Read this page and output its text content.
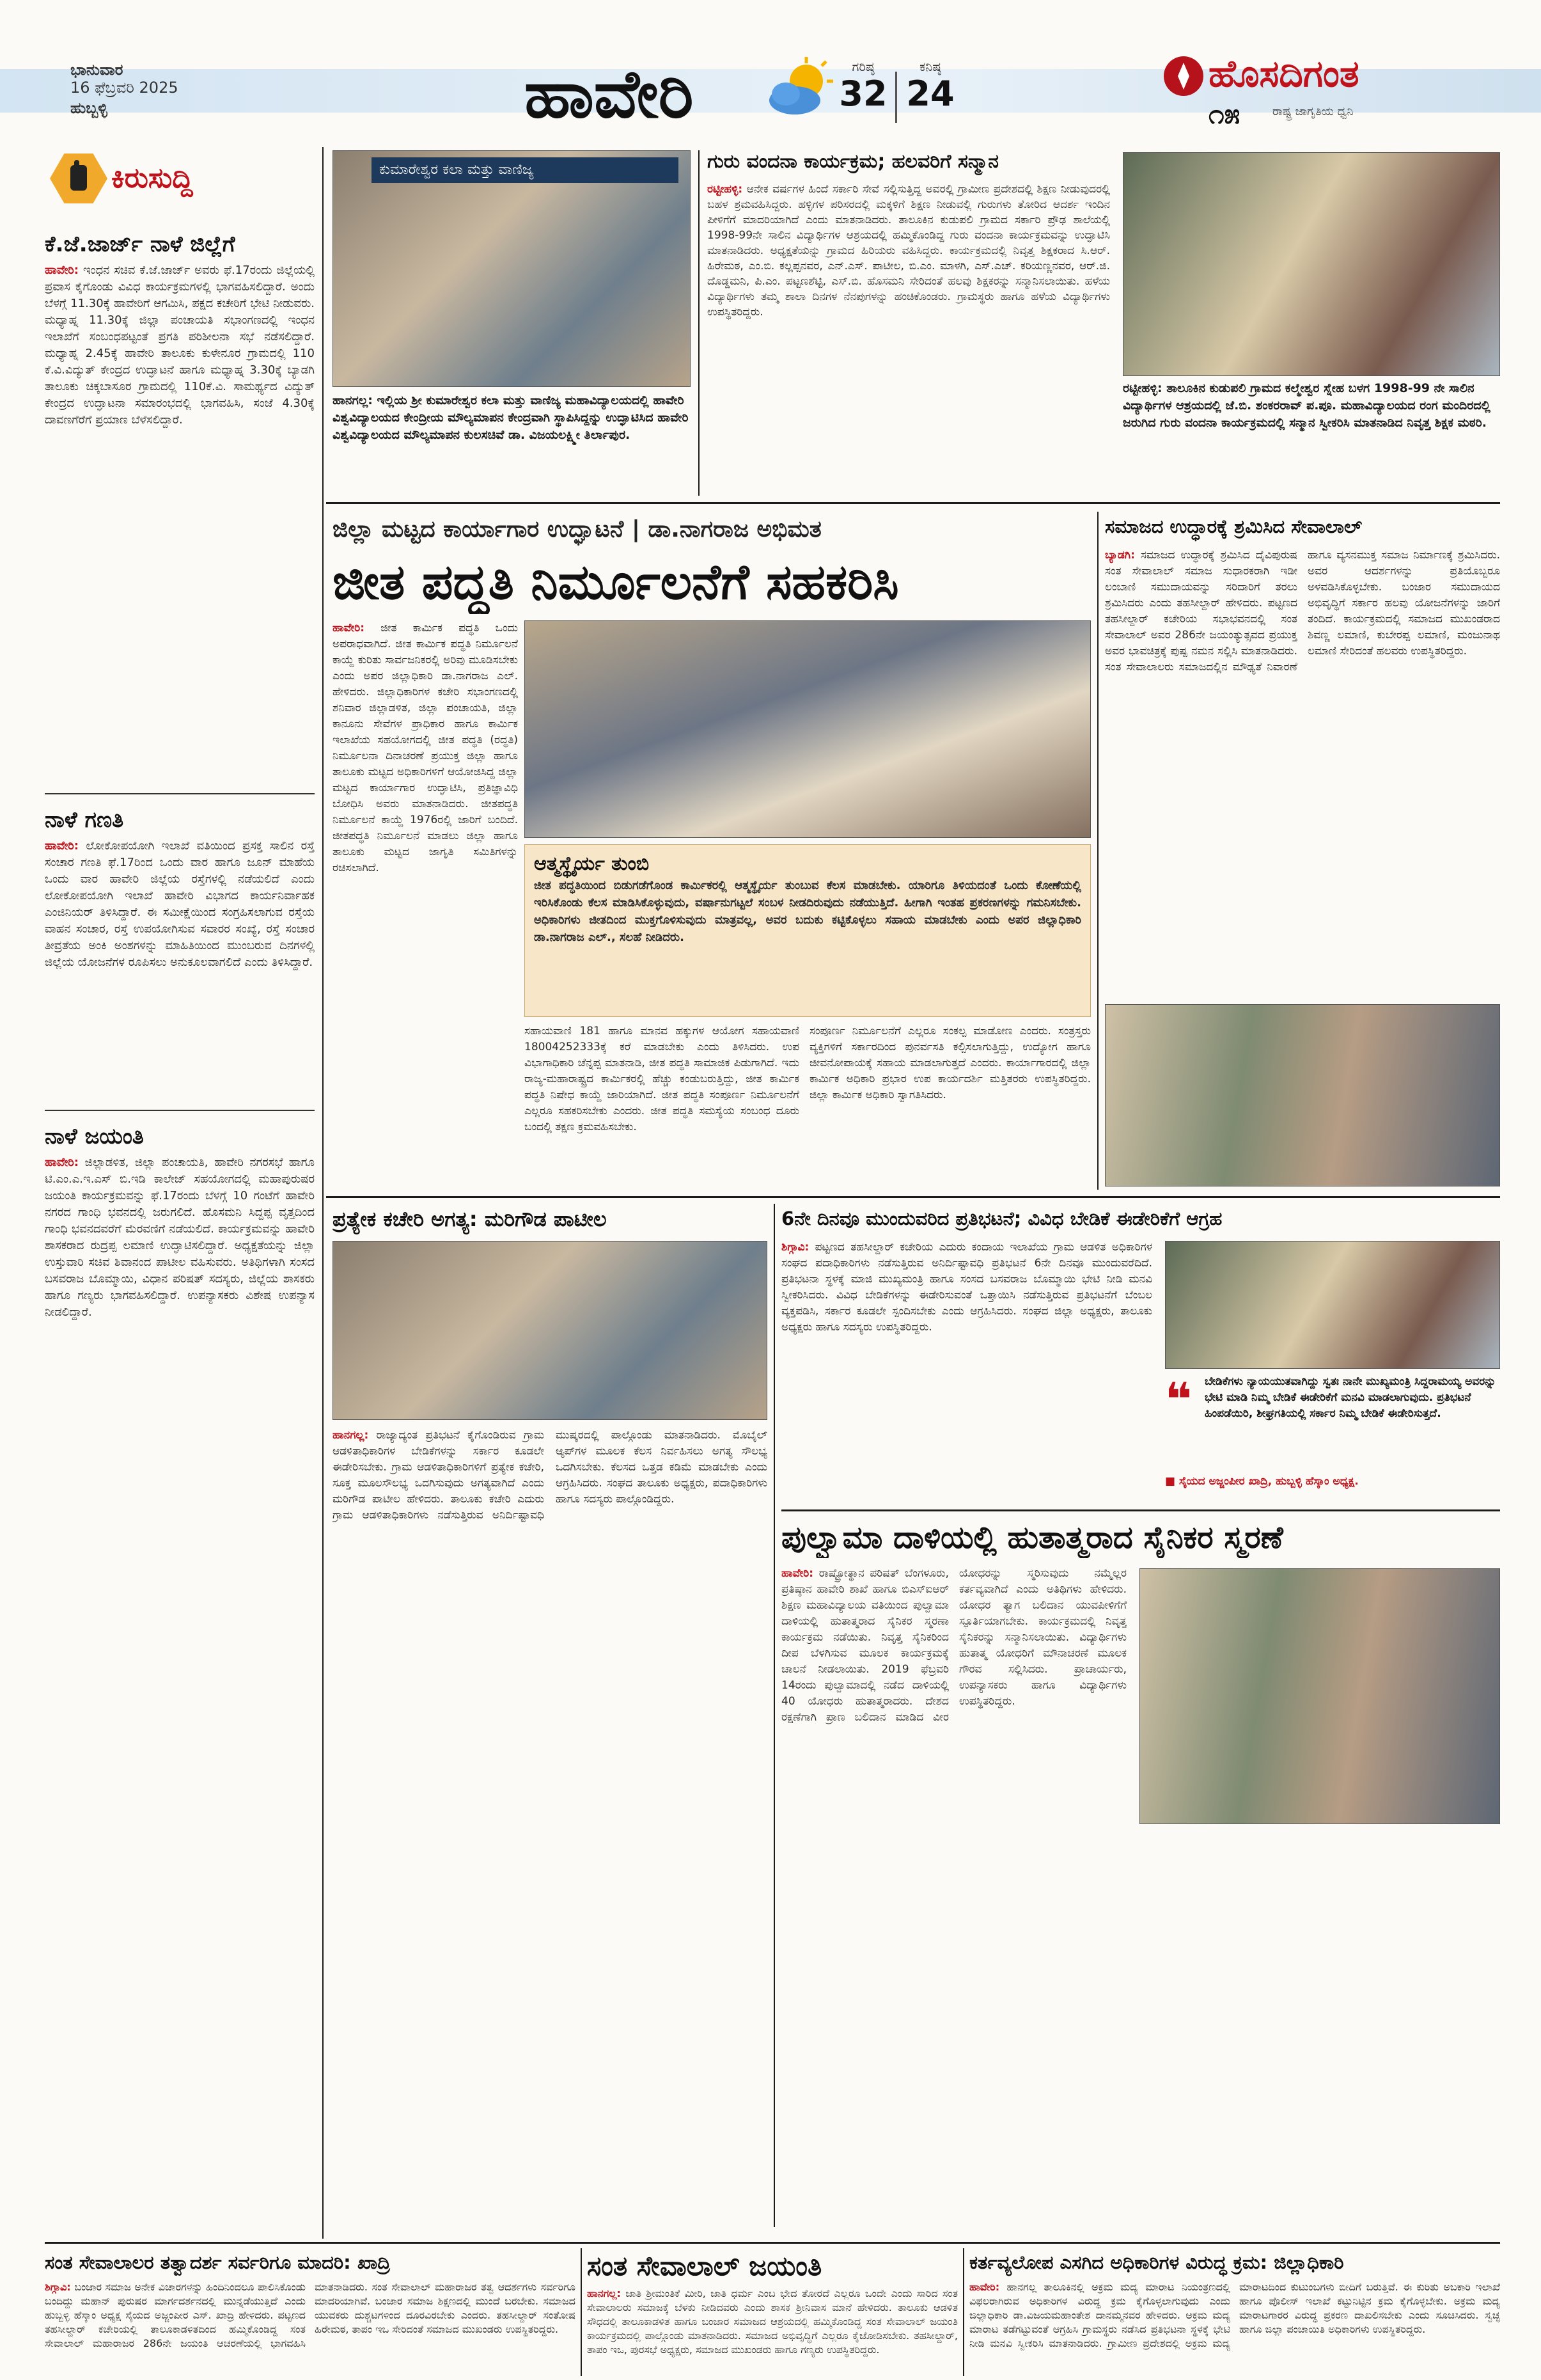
ಭಾನುವಾರ
16 ಫೆಬ್ರವರಿ 2025
ಹುಬ್ಬಳ್ಳಿ	ಹಾವೇರಿ	ಗರಿಷ್ಠ
32
ಕನಿಷ್ಠ
24	ಹೊಸದಿಗಂತ
೧೫	ರಾಷ್ಟ್ರ ಜಾಗೃತಿಯ ಧ್ವನಿ
ಕಿರುಸುದ್ದಿ
ಕೆ.ಜೆ.ಜಾರ್ಜ್ ನಾಳೆ ಜಿಲ್ಲೆಗೆ
ಹಾವೇರಿ: ಇಂಧನ ಸಚಿವ ಕೆ.ಜೆ.ಜಾರ್ಜ್ ಅವರು ಫೆ.17ರಂದು ಜಿಲ್ಲೆಯಲ್ಲಿ ಪ್ರವಾಸ ಕೈಗೊಂಡು ವಿವಿಧ ಕಾರ್ಯಕ್ರಮಗಳಲ್ಲಿ ಭಾಗವಹಿಸಲಿದ್ದಾರೆ. ಅಂದು ಬೆಳಗ್ಗೆ 11.30ಕ್ಕೆ ಹಾವೇರಿಗೆ ಆಗಮಿಸಿ, ಪಕ್ಷದ ಕಚೇರಿಗೆ ಭೇಟಿ ನೀಡುವರು. ಮಧ್ಯಾಹ್ನ 11.30ಕ್ಕೆ ಜಿಲ್ಲಾ ಪಂಚಾಯತಿ ಸಭಾಂಗಣದಲ್ಲಿ ಇಂಧನ ಇಲಾಖೆಗೆ ಸಂಬಂಧಪಟ್ಟಂತೆ ಪ್ರಗತಿ ಪರಿಶೀಲನಾ ಸಭೆ ನಡೆಸಲಿದ್ದಾರೆ. ಮಧ್ಯಾಹ್ನ 2.45ಕ್ಕೆ ಹಾವೇರಿ ತಾಲೂಕು ಕುಳೇನೂರ ಗ್ರಾಮದಲ್ಲಿ 110 ಕೆ.ವಿ.ವಿದ್ಯುತ್ ಕೇಂದ್ರದ ಉದ್ಘಾಟನೆ ಹಾಗೂ ಮಧ್ಯಾಹ್ನ 3.30ಕ್ಕೆ ಬ್ಯಾಡಗಿ ತಾಲೂಕು ಚಿಕ್ಕಬಾಸೂರ ಗ್ರಾಮದಲ್ಲಿ 110ಕೆ.ವಿ. ಸಾಮರ್ಥ್ಯದ ವಿದ್ಯುತ್ ಕೇಂದ್ರದ ಉದ್ಘಾಟನಾ ಸಮಾರಂಭದಲ್ಲಿ ಭಾಗವಹಿಸಿ, ಸಂಜೆ 4.30ಕ್ಕೆ ದಾವಣಗೆರೆಗೆ ಪ್ರಯಾಣ ಬೆಳೆಸಲಿದ್ದಾರೆ.
ನಾಳೆ ಗಣತಿ
ಹಾವೇರಿ: ಲೋಕೋಪಯೋಗಿ ಇಲಾಖೆ ವತಿಯಿಂದ ಪ್ರಸಕ್ತ ಸಾಲಿನ ರಸ್ತೆ ಸಂಚಾರ ಗಣತಿ ಫೆ.17ರಿಂದ ಒಂದು ವಾರ ಹಾಗೂ ಜೂನ್ ಮಾಹೆಯ ಒಂದು ವಾರ ಹಾವೇರಿ ಜಿಲ್ಲೆಯ ರಸ್ತೆಗಳಲ್ಲಿ ನಡೆಯಲಿದೆ ಎಂದು ಲೋಕೋಪಯೋಗಿ ಇಲಾಖೆ ಹಾವೇರಿ ವಿಭಾಗದ ಕಾರ್ಯನಿರ್ವಾಹಕ ಎಂಜಿನಿಯರ್ ತಿಳಿಸಿದ್ದಾರೆ. ಈ ಸಮೀಕ್ಷೆಯಿಂದ ಸಂಗ್ರಹಿಸಲಾಗುವ ರಸ್ತೆಯ ವಾಹನ ಸಂಚಾರ, ರಸ್ತೆ ಉಪಯೋಗಿಸುವ ಸವಾರರ ಸಂಖ್ಯೆ, ರಸ್ತೆ ಸಂಚಾರ ತೀವ್ರತೆಯ ಅಂಕಿ ಅಂಶಗಳನ್ನು ಮಾಹಿತಿಯಿಂದ ಮುಂಬರುವ ದಿನಗಳಲ್ಲಿ ಜಿಲ್ಲೆಯ ಯೋಜನೆಗಳ ರೂಪಿಸಲು ಅನುಕೂಲವಾಗಲಿದೆ ಎಂದು ತಿಳಿಸಿದ್ದಾರೆ.
ನಾಳೆ ಜಯಂತಿ
ಹಾವೇರಿ: ಜಿಲ್ಲಾಡಳಿತ, ಜಿಲ್ಲಾ ಪಂಚಾಯತಿ, ಹಾವೇರಿ ನಗರಸಭೆ ಹಾಗೂ ಟಿ.ಎಂ.ಎ.ಇ.ಎಸ್ ಬಿ.ಇಡಿ ಕಾಲೇಜ್ ಸಹಯೋಗದಲ್ಲಿ ಮಹಾಪುರುಷರ ಜಯಂತಿ ಕಾರ್ಯಕ್ರಮವನ್ನು ಫೆ.17ರಂದು ಬೆಳಗ್ಗೆ 10 ಗಂಟೆಗೆ ಹಾವೇರಿ ನಗರದ ಗಾಂಧಿ ಭವನದಲ್ಲಿ ಜರುಗಲಿದೆ. ಹೊಸಮನಿ ಸಿದ್ದಪ್ಪ ವೃತ್ತದಿಂದ ಗಾಂಧಿ ಭವನದವರೆಗೆ ಮೆರವಣಿಗೆ ನಡೆಯಲಿದೆ. ಕಾರ್ಯಕ್ರಮವನ್ನು ಹಾವೇರಿ ಶಾಸಕರಾದ ರುದ್ರಪ್ಪ ಲಮಾಣಿ ಉದ್ಘಾಟಿಸಲಿದ್ದಾರೆ. ಅಧ್ಯಕ್ಷತೆಯನ್ನು ಜಿಲ್ಲಾ ಉಸ್ತುವಾರಿ ಸಚಿವ ಶಿವಾನಂದ ಪಾಟೀಲ ವಹಿಸುವರು. ಅತಿಥಿಗಳಾಗಿ ಸಂಸದ ಬಸವರಾಜ ಬೊಮ್ಮಾಯಿ, ವಿಧಾನ ಪರಿಷತ್ ಸದಸ್ಯರು, ಜಿಲ್ಲೆಯ ಶಾಸಕರು ಹಾಗೂ ಗಣ್ಯರು ಭಾಗವಹಿಸಲಿದ್ದಾರೆ. ಉಪನ್ಯಾಸಕರು ವಿಶೇಷ ಉಪನ್ಯಾಸ ನೀಡಲಿದ್ದಾರೆ.
ಕುಮಾರೇಶ್ವರ ಕಲಾ ಮತ್ತು ವಾಣಿಜ್ಯ
ಹಾನಗಲ್ಲ: ಇಲ್ಲಿಯ ಶ್ರೀ ಕುಮಾರೇಶ್ವರ ಕಲಾ ಮತ್ತು ವಾಣಿಜ್ಯ ಮಹಾವಿದ್ಯಾಲಯದಲ್ಲಿ ಹಾವೇರಿ ವಿಶ್ವವಿದ್ಯಾಲಯದ ಕೇಂದ್ರೀಯ ಮೌಲ್ಯಮಾಪನ ಕೇಂದ್ರವಾಗಿ ಸ್ಥಾಪಿಸಿದ್ದನ್ನು ಉದ್ಘಾಟಿಸಿದ ಹಾವೇರಿ ವಿಶ್ವವಿದ್ಯಾಲಯದ ಮೌಲ್ಯಮಾಪನ ಕುಲಸಚಿವೆ ಡಾ. ವಿಜಯಲಕ್ಷ್ಮೀ ತಿರ್ಲಾಪುರ.
ಗುರು ವಂದನಾ ಕಾರ್ಯಕ್ರಮ; ಹಲವರಿಗೆ ಸನ್ಮಾನ
ರಟ್ಟೀಹಳ್ಳಿ: ಆನೇಕ ವರ್ಷಗಳ ಹಿಂದೆ ಸರ್ಕಾರಿ ಸೇವೆ ಸಲ್ಲಿಸುತ್ತಿದ್ದ ಅವರಲ್ಲಿ ಗ್ರಾಮೀಣ ಪ್ರದೇಶದಲ್ಲಿ ಶಿಕ್ಷಣ ನೀಡುವುದರಲ್ಲಿ ಬಹಳ ಶ್ರಮವಹಿಸಿದ್ದರು. ಹಳ್ಳಿಗಳ ಪರಿಸರದಲ್ಲಿ ಮಕ್ಕಳಿಗೆ ಶಿಕ್ಷಣ ನೀಡುವಲ್ಲಿ ಗುರುಗಳು ತೋರಿದ ಆದರ್ಶ ಇಂದಿನ ಪೀಳಿಗೆಗೆ ಮಾದರಿಯಾಗಿದೆ ಎಂದು ಮಾತನಾಡಿದರು. ತಾಲೂಕಿನ ಕುಡುಪಲಿ ಗ್ರಾಮದ ಸರ್ಕಾರಿ ಪ್ರೌಢ ಶಾಲೆಯಲ್ಲಿ 1998-99ನೇ ಸಾಲಿನ ವಿದ್ಯಾರ್ಥಿಗಳ ಆಶ್ರಯದಲ್ಲಿ ಹಮ್ಮಿಕೊಂಡಿದ್ದ ಗುರು ವಂದನಾ ಕಾರ್ಯಕ್ರಮವನ್ನು ಉದ್ಘಾಟಿಸಿ ಮಾತನಾಡಿದರು. ಅಧ್ಯಕ್ಷತೆಯನ್ನು ಗ್ರಾಮದ ಹಿರಿಯರು ವಹಿಸಿದ್ದರು. ಕಾರ್ಯಕ್ರಮದಲ್ಲಿ ನಿವೃತ್ತ ಶಿಕ್ಷಕರಾದ ಸಿ.ಆರ್. ಹಿರೇಮಠ, ಎಂ.ಬಿ. ಕಲ್ಲಪ್ಪನವರ, ಎನ್.ಎಸ್. ಪಾಟೀಲ, ಬಿ.ಎಂ. ಮಾಳಗಿ, ಎಸ್.ಎಚ್. ಕರಿಯಣ್ಣನವರ, ಆರ್.ಜಿ. ದೊಡ್ಡಮನಿ, ಪಿ.ಎಂ. ಪಟ್ಟಣಶೆಟ್ಟಿ, ಎಸ್.ಬಿ. ಹೊಸಮನಿ ಸೇರಿದಂತೆ ಹಲವು ಶಿಕ್ಷಕರನ್ನು ಸನ್ಮಾನಿಸಲಾಯಿತು. ಹಳೆಯ ವಿದ್ಯಾರ್ಥಿಗಳು ತಮ್ಮ ಶಾಲಾ ದಿನಗಳ ನೆನಪುಗಳನ್ನು ಹಂಚಿಕೊಂಡರು. ಗ್ರಾಮಸ್ಥರು ಹಾಗೂ ಹಳೆಯ ವಿದ್ಯಾರ್ಥಿಗಳು ಉಪಸ್ಥಿತರಿದ್ದರು.
ರಟ್ಟೀಹಳ್ಳಿ: ತಾಲೂಕಿನ ಕುಡುಪಲಿ ಗ್ರಾಮದ ಕಲ್ಮೇಶ್ವರ ಸ್ನೇಹ ಬಳಗ 1998-99 ನೇ ಸಾಲಿನ ವಿದ್ಯಾರ್ಥಿಗಳ ಆಶ್ರಯದಲ್ಲಿ ಜೆ.ಬಿ. ಶಂಕರರಾವ್ ಪ.ಪೂ. ಮಹಾವಿದ್ಯಾಲಯದ ರಂಗ ಮಂದಿರದಲ್ಲಿ ಜರುಗಿದ ಗುರು ವಂದನಾ ಕಾರ್ಯಕ್ರಮದಲ್ಲಿ ಸನ್ಮಾನ ಸ್ವೀಕರಿಸಿ ಮಾತನಾಡಿದ ನಿವೃತ್ತ ಶಿಕ್ಷಕ ಮಠರಿ.
ಜಿಲ್ಲಾ ಮಟ್ಟದ ಕಾರ್ಯಾಗಾರ ಉದ್ಘಾಟನೆ | ಡಾ.ನಾಗರಾಜ ಅಭಿಮತ
ಜೀತ ಪದ್ಧತಿ ನಿರ್ಮೂಲನೆಗೆ ಸಹಕರಿಸಿ
ಹಾವೇರಿ: ಜೀತ ಕಾರ್ಮಿಕ ಪದ್ಧತಿ ಒಂದು ಅಪರಾಧವಾಗಿದೆ. ಜೀತ ಕಾರ್ಮಿಕ ಪದ್ಧತಿ ನಿರ್ಮೂಲನೆ ಕಾಯ್ದೆ ಕುರಿತು ಸಾರ್ವಜನಿಕರಲ್ಲಿ ಅರಿವು ಮೂಡಿಸಬೇಕು ಎಂದು ಅಪರ ಜಿಲ್ಲಾಧಿಕಾರಿ ಡಾ.ನಾಗರಾಜ ಎಲ್. ಹೇಳಿದರು. ಜಿಲ್ಲಾಧಿಕಾರಿಗಳ ಕಚೇರಿ ಸಭಾಂಗಣದಲ್ಲಿ ಶನಿವಾರ ಜಿಲ್ಲಾಡಳಿತ, ಜಿಲ್ಲಾ ಪಂಚಾಯತಿ, ಜಿಲ್ಲಾ ಕಾನೂನು ಸೇವೆಗಳ ಪ್ರಾಧಿಕಾರ ಹಾಗೂ ಕಾರ್ಮಿಕ ಇಲಾಖೆಯ ಸಹಯೋಗದಲ್ಲಿ ಜೀತ ಪದ್ಧತಿ (ರದ್ಧತಿ) ನಿರ್ಮೂಲನಾ ದಿನಾಚರಣೆ ಪ್ರಯುಕ್ತ ಜಿಲ್ಲಾ ಹಾಗೂ ತಾಲೂಕು ಮಟ್ಟದ ಅಧಿಕಾರಿಗಳಿಗೆ ಆಯೋಜಿಸಿದ್ದ ಜಿಲ್ಲಾ ಮಟ್ಟದ ಕಾರ್ಯಾಗಾರ ಉದ್ಘಾಟಿಸಿ, ಪ್ರತಿಜ್ಞಾವಿಧಿ ಬೋಧಿಸಿ ಅವರು ಮಾತನಾಡಿದರು. ಜೀತಪದ್ಧತಿ ನಿರ್ಮೂಲನೆ ಕಾಯ್ದೆ 1976ರಲ್ಲಿ ಜಾರಿಗೆ ಬಂದಿದೆ. ಜೀತಪದ್ಧತಿ ನಿರ್ಮೂಲನೆ ಮಾಡಲು ಜಿಲ್ಲಾ ಹಾಗೂ ತಾಲೂಕು ಮಟ್ಟದ ಜಾಗೃತಿ ಸಮಿತಿಗಳನ್ನು ರಚಿಸಲಾಗಿದೆ.	ಆತ್ಮಸ್ಥೈರ್ಯ ತುಂಬಿ
ಜೀತ ಪದ್ಧತಿಯಿಂದ ಬಿಡುಗಡೆಗೊಂಡ ಕಾರ್ಮಿಕರಲ್ಲಿ ಆತ್ಮಸ್ಥೈರ್ಯ ತುಂಬುವ ಕೆಲಸ ಮಾಡಬೇಕು. ಯಾರಿಗೂ ತಿಳಿಯದಂತೆ ಒಂದು ಕೋಣೆಯಲ್ಲಿ ಇರಿಸಿಕೊಂಡು ಕೆಲಸ ಮಾಡಿಸಿಕೊಳ್ಳುವುದು, ವರ್ಷಾನುಗಟ್ಟಲೆ ಸಂಬಳ ನೀಡದಿರುವುದು ನಡೆಯುತ್ತಿದೆ. ಹೀಗಾಗಿ ಇಂತಹ ಪ್ರಕರಣಗಳನ್ನು ಗಮನಿಸಬೇಕು. ಅಧಿಕಾರಿಗಳು ಜೀತದಿಂದ ಮುಕ್ತಗೊಳಿಸುವುದು ಮಾತ್ರವಲ್ಲ, ಅವರ ಬದುಕು ಕಟ್ಟಿಕೊಳ್ಳಲು ಸಹಾಯ ಮಾಡಬೇಕು ಎಂದು ಅಪರ ಜಿಲ್ಲಾಧಿಕಾರಿ ಡಾ.ನಾಗರಾಜ ಎಲ್., ಸಲಹೆ ನೀಡಿದರು.
ಸಹಾಯವಾಣಿ 181 ಹಾಗೂ ಮಾನವ ಹಕ್ಕುಗಳ ಆಯೋಗ ಸಹಾಯವಾಣಿ 18004252333ಕ್ಕೆ ಕರೆ ಮಾಡಬೇಕು ಎಂದು ತಿಳಿಸಿದರು. ಉಪ ವಿಭಾಗಾಧಿಕಾರಿ ಚೆನ್ನಪ್ಪ ಮಾತನಾಡಿ, ಜೀತ ಪದ್ಧತಿ ಸಾಮಾಜಿಕ ಪಿಡುಗಾಗಿದೆ. ಇದು ರಾಜ್ಯ-ಮಹಾರಾಷ್ಟ್ರದ ಕಾರ್ಮಿಕರಲ್ಲಿ ಹೆಚ್ಚು ಕಂಡುಬರುತ್ತಿದ್ದು, ಜೀತ ಕಾರ್ಮಿಕ ಪದ್ಧತಿ ನಿಷೇಧ ಕಾಯ್ದೆ ಜಾರಿಯಾಗಿದೆ. ಜೀತ ಪದ್ಧತಿ ಸಂಪೂರ್ಣ ನಿರ್ಮೂಲನೆಗೆ ಎಲ್ಲರೂ ಸಹಕರಿಸಬೇಕು ಎಂದರು. ಜೀತ ಪದ್ಧತಿ ಸಮಸ್ಯೆಯ ಸಂಬಂಧ ದೂರು ಬಂದಲ್ಲಿ ತಕ್ಷಣ ಕ್ರಮವಹಿಸಬೇಕು.
ಸಂಪೂರ್ಣ ನಿರ್ಮೂಲನೆಗೆ ಎಲ್ಲರೂ ಸಂಕಲ್ಪ ಮಾಡೋಣ ಎಂದರು. ಸಂತ್ರಸ್ತರು ವ್ಯಕ್ತಿಗಳಿಗೆ ಸರ್ಕಾರದಿಂದ ಪುನರ್ವಸತಿ ಕಲ್ಪಿಸಲಾಗುತ್ತಿದ್ದು, ಉದ್ಯೋಗ ಹಾಗೂ ಜೀವನೋಪಾಯಕ್ಕೆ ಸಹಾಯ ಮಾಡಲಾಗುತ್ತದೆ ಎಂದರು. ಕಾರ್ಯಾಗಾರದಲ್ಲಿ ಜಿಲ್ಲಾ ಕಾರ್ಮಿಕ ಅಧಿಕಾರಿ ಪ್ರಭಾರ ಉಪ ಕಾರ್ಯದರ್ಶಿ ಮತ್ತಿತರರು ಉಪಸ್ಥಿತರಿದ್ದರು. ಜಿಲ್ಲಾ ಕಾರ್ಮಿಕ ಅಧಿಕಾರಿ ಸ್ವಾಗತಿಸಿದರು.
ಸಮಾಜದ ಉದ್ಧಾರಕ್ಕೆ ಶ್ರಮಿಸಿದ ಸೇವಾಲಾಲ್
ಬ್ಯಾಡಗಿ: ಸಮಾಜದ ಉದ್ಧಾರಕ್ಕೆ ಶ್ರಮಿಸಿದ ದೈವಿಪುರುಷ ಸಂತ ಸೇವಾಲಾಲ್ ಸಮಾಜ ಸುಧಾರಕರಾಗಿ ಇಡೀ ಲಂಬಾಣಿ ಸಮುದಾಯವನ್ನು ಸರಿದಾರಿಗೆ ತರಲು ಶ್ರಮಿಸಿದರು ಎಂದು ತಹಸೀಲ್ದಾರ್ ಹೇಳಿದರು. ಪಟ್ಟಣದ ತಹಸೀಲ್ದಾರ್ ಕಚೇರಿಯ ಸಭಾಭವನದಲ್ಲಿ ಸಂತ ಸೇವಾಲಾಲ್ ಅವರ 286ನೇ ಜಯಂತ್ಯುತ್ಸವದ ಪ್ರಯುಕ್ತ ಅವರ ಭಾವಚಿತ್ರಕ್ಕೆ ಪುಷ್ಪ ನಮನ ಸಲ್ಲಿಸಿ ಮಾತನಾಡಿದರು. ಸಂತ ಸೇವಾಲಾಲರು ಸಮಾಜದಲ್ಲಿನ ಮೌಢ್ಯತೆ ನಿವಾರಣೆ ಹಾಗೂ ವ್ಯಸನಮುಕ್ತ ಸಮಾಜ ನಿರ್ಮಾಣಕ್ಕೆ ಶ್ರಮಿಸಿದರು. ಅವರ ಆದರ್ಶಗಳನ್ನು ಪ್ರತಿಯೊಬ್ಬರೂ ಅಳವಡಿಸಿಕೊಳ್ಳಬೇಕು. ಬಂಜಾರ ಸಮುದಾಯದ ಅಭಿವೃದ್ಧಿಗೆ ಸರ್ಕಾರ ಹಲವು ಯೋಜನೆಗಳನ್ನು ಜಾರಿಗೆ ತಂದಿದೆ. ಕಾರ್ಯಕ್ರಮದಲ್ಲಿ ಸಮಾಜದ ಮುಖಂಡರಾದ ಶಿವಣ್ಣ ಲಮಾಣಿ, ಕುಬೇರಪ್ಪ ಲಮಾಣಿ, ಮಂಜುನಾಥ ಲಮಾಣಿ ಸೇರಿದಂತೆ ಹಲವರು ಉಪಸ್ಥಿತರಿದ್ದರು.
ಪ್ರತ್ಯೇಕ ಕಚೇರಿ ಅಗತ್ಯ: ಮರಿಗೌಡ ಪಾಟೀಲ
ಹಾನಗಲ್ಲ: ರಾಜ್ಯಾದ್ಯಂತ ಪ್ರತಿಭಟನೆ ಕೈಗೊಂಡಿರುವ ಗ್ರಾಮ ಆಡಳಿತಾಧಿಕಾರಿಗಳ ಬೇಡಿಕೆಗಳನ್ನು ಸರ್ಕಾರ ಕೂಡಲೇ ಈಡೇರಿಸಬೇಕು. ಗ್ರಾಮ ಆಡಳಿತಾಧಿಕಾರಿಗಳಿಗೆ ಪ್ರತ್ಯೇಕ ಕಚೇರಿ, ಸೂಕ್ತ ಮೂಲಸೌಲಭ್ಯ ಒದಗಿಸುವುದು ಅಗತ್ಯವಾಗಿದೆ ಎಂದು ಮರಿಗೌಡ ಪಾಟೀಲ ಹೇಳಿದರು. ತಾಲೂಕು ಕಚೇರಿ ಎದುರು ಗ್ರಾಮ ಆಡಳಿತಾಧಿಕಾರಿಗಳು ನಡೆಸುತ್ತಿರುವ ಅನಿರ್ದಿಷ್ಟಾವಧಿ ಮುಷ್ಕರದಲ್ಲಿ ಪಾಲ್ಗೊಂಡು ಮಾತನಾಡಿದರು. ಮೊಬೈಲ್ ಆ್ಯಪ್‌ಗಳ ಮೂಲಕ ಕೆಲಸ ನಿರ್ವಹಿಸಲು ಅಗತ್ಯ ಸೌಲಭ್ಯ ಒದಗಿಸಬೇಕು. ಕೆಲಸದ ಒತ್ತಡ ಕಡಿಮೆ ಮಾಡಬೇಕು ಎಂದು ಆಗ್ರಹಿಸಿದರು. ಸಂಘದ ತಾಲೂಕು ಅಧ್ಯಕ್ಷರು, ಪದಾಧಿಕಾರಿಗಳು ಹಾಗೂ ಸದಸ್ಯರು ಪಾಲ್ಗೊಂಡಿದ್ದರು.
6ನೇ ದಿನವೂ ಮುಂದುವರಿದ ಪ್ರತಿಭಟನೆ; ವಿವಿಧ ಬೇಡಿಕೆ ಈಡೇರಿಕೆಗೆ ಆಗ್ರಹ
ಶಿಗ್ಗಾವಿ: ಪಟ್ಟಣದ ತಹಸೀಲ್ದಾರ್ ಕಚೇರಿಯ ಎದುರು ಕಂದಾಯ ಇಲಾಖೆಯ ಗ್ರಾಮ ಆಡಳಿತ ಅಧಿಕಾರಿಗಳ ಸಂಘದ ಪದಾಧಿಕಾರಿಗಳು ನಡೆಸುತ್ತಿರುವ ಅನಿರ್ದಿಷ್ಟಾವಧಿ ಪ್ರತಿಭಟನೆ 6ನೇ ದಿನವೂ ಮುಂದುವರೆದಿದೆ. ಪ್ರತಿಭಟನಾ ಸ್ಥಳಕ್ಕೆ ಮಾಜಿ ಮುಖ್ಯಮಂತ್ರಿ ಹಾಗೂ ಸಂಸದ ಬಸವರಾಜ ಬೊಮ್ಮಾಯಿ ಭೇಟಿ ನೀಡಿ ಮನವಿ ಸ್ವೀಕರಿಸಿದರು. ವಿವಿಧ ಬೇಡಿಕೆಗಳನ್ನು ಈಡೇರಿಸುವಂತೆ ಒತ್ತಾಯಿಸಿ ನಡೆಸುತ್ತಿರುವ ಪ್ರತಿಭಟನೆಗೆ ಬೆಂಬಲ ವ್ಯಕ್ತಪಡಿಸಿ, ಸರ್ಕಾರ ಕೂಡಲೇ ಸ್ಪಂದಿಸಬೇಕು ಎಂದು ಆಗ್ರಹಿಸಿದರು. ಸಂಘದ ಜಿಲ್ಲಾ ಅಧ್ಯಕ್ಷರು, ತಾಲೂಕು ಅಧ್ಯಕ್ಷರು ಹಾಗೂ ಸದಸ್ಯರು ಉಪಸ್ಥಿತರಿದ್ದರು.
❝	ಬೇಡಿಕೆಗಳು ನ್ಯಾಯಯುತವಾಗಿದ್ದು ಸ್ವತಃ ನಾನೇ ಮುಖ್ಯಮಂತ್ರಿ ಸಿದ್ದರಾಮಯ್ಯ ಅವರನ್ನು ಭೇಟಿ ಮಾಡಿ ನಿಮ್ಮ ಬೇಡಿಕೆ ಈಡೇರಿಕೆಗೆ ಮನವಿ ಮಾಡಲಾಗುವುದು. ಪ್ರತಿಭಟನೆ ಹಿಂಪಡೆಯಿರಿ, ಶೀಘ್ರಗತಿಯಲ್ಲಿ ಸರ್ಕಾರ ನಿಮ್ಮ ಬೇಡಿಕೆ ಈಡೇರಿಸುತ್ತದೆ.
■ ಸೈಯದ ಅಜ್ಜಂಪೀರ ಖಾದ್ರಿ, ಹುಬ್ಬಳ್ಳಿ ಹೆಸ್ಕಾಂ ಅಧ್ಯಕ್ಷ.
ಪುಲ್ವಾಮಾ ದಾಳಿಯಲ್ಲಿ ಹುತಾತ್ಮರಾದ ಸೈನಿಕರ ಸ್ಮರಣೆ
ಹಾವೇರಿ: ರಾಷ್ಟ್ರೋತ್ಥಾನ ಪರಿಷತ್ ಬೆಂಗಳೂರು, ಪ್ರತಿಷ್ಠಾನ ಹಾವೇರಿ ಶಾಖೆ ಹಾಗೂ ಬಿಎಸ್ಐಆರ್ ಶಿಕ್ಷಣ ಮಹಾವಿದ್ಯಾಲಯ ವತಿಯಿಂದ ಪುಲ್ವಾಮಾ ದಾಳಿಯಲ್ಲಿ ಹುತಾತ್ಮರಾದ ಸೈನಿಕರ ಸ್ಮರಣಾ ಕಾರ್ಯಕ್ರಮ ನಡೆಯಿತು. ನಿವೃತ್ತ ಸೈನಿಕರಿಂದ ದೀಪ ಬೆಳಗಿಸುವ ಮೂಲಕ ಕಾರ್ಯಕ್ರಮಕ್ಕೆ ಚಾಲನೆ ನೀಡಲಾಯಿತು. 2019 ಫೆಬ್ರವರಿ 14ರಂದು ಪುಲ್ವಾಮಾದಲ್ಲಿ ನಡೆದ ದಾಳಿಯಲ್ಲಿ 40 ಯೋಧರು ಹುತಾತ್ಮರಾದರು. ದೇಶದ ರಕ್ಷಣೆಗಾಗಿ ಪ್ರಾಣ ಬಲಿದಾನ ಮಾಡಿದ ವೀರ ಯೋಧರನ್ನು ಸ್ಮರಿಸುವುದು ನಮ್ಮೆಲ್ಲರ ಕರ್ತವ್ಯವಾಗಿದೆ ಎಂದು ಅತಿಥಿಗಳು ಹೇಳಿದರು. ಯೋಧರ ತ್ಯಾಗ ಬಲಿದಾನ ಯುವಪೀಳಿಗೆಗೆ ಸ್ಫೂರ್ತಿಯಾಗಬೇಕು. ಕಾರ್ಯಕ್ರಮದಲ್ಲಿ ನಿವೃತ್ತ ಸೈನಿಕರನ್ನು ಸನ್ಮಾನಿಸಲಾಯಿತು. ವಿದ್ಯಾರ್ಥಿಗಳು ಹುತಾತ್ಮ ಯೋಧರಿಗೆ ಮೌನಾಚರಣೆ ಮೂಲಕ ಗೌರವ ಸಲ್ಲಿಸಿದರು. ಪ್ರಾಚಾರ್ಯರು, ಉಪನ್ಯಾಸಕರು ಹಾಗೂ ವಿದ್ಯಾರ್ಥಿಗಳು ಉಪಸ್ಥಿತರಿದ್ದರು.
ಸಂತ ಸೇವಾಲಾಲರ ತತ್ವಾದರ್ಶ ಸರ್ವರಿಗೂ ಮಾದರಿ: ಖಾದ್ರಿ
ಶಿಗ್ಗಾವಿ: ಬಂಜಾರ ಸಮಾಜ ಅನೇಕ ವಿಚಾರಗಳನ್ನು ಹಿಂದಿನಿಂದಲೂ ಪಾಲಿಸಿಕೊಂಡು ಬಂದಿದ್ದು ಮಹಾನ್ ಪುರುಷರ ಮಾರ್ಗದರ್ಶನದಲ್ಲಿ ಮುನ್ನಡೆಯುತ್ತಿದೆ ಎಂದು ಹುಬ್ಬಳ್ಳಿ ಹೆಸ್ಕಾಂ ಅಧ್ಯಕ್ಷ ಸೈಯದ ಅಜ್ಜಂಪೀರ ಎಸ್. ಖಾದ್ರಿ ಹೇಳಿದರು. ಪಟ್ಟಣದ ತಹಸೀಲ್ದಾರ್ ಕಚೇರಿಯಲ್ಲಿ ತಾಲೂಕಾಡಳಿತದಿಂದ ಹಮ್ಮಿಕೊಂಡಿದ್ದ ಸಂತ ಸೇವಾಲಾಲ್ ಮಹಾರಾಜರ 286ನೇ ಜಯಂತಿ ಆಚರಣೆಯಲ್ಲಿ ಭಾಗವಹಿಸಿ ಮಾತನಾಡಿದರು. ಸಂತ ಸೇವಾಲಾಲ್ ಮಹಾರಾಜರ ತತ್ವ ಆದರ್ಶಗಳು ಸರ್ವರಿಗೂ ಮಾದರಿಯಾಗಿವೆ. ಬಂಜಾರ ಸಮಾಜ ಶಿಕ್ಷಣದಲ್ಲಿ ಮುಂದೆ ಬರಬೇಕು. ಸಮಾಜದ ಯುವಕರು ದುಶ್ಚಟಗಳಿಂದ ದೂರವಿರಬೇಕು ಎಂದರು. ತಹಸೀಲ್ದಾರ್ ಸಂತೋಷ ಹಿರೇಮಠ, ತಾಪಂ ಇಒ ಸೇರಿದಂತೆ ಸಮಾಜದ ಮುಖಂಡರು ಉಪಸ್ಥಿತರಿದ್ದರು.
ಸಂತ ಸೇವಾಲಾಲ್ ಜಯಂತಿ
ಹಾನಗಲ್ಲ: ಜಾತಿ ಶ್ರೀಮಂತಿಕೆ ಮೀರಿ, ಜಾತಿ ಧರ್ಮ ಎಂಬ ಭೇದ ತೋರದೆ ಎಲ್ಲರೂ ಒಂದೇ ಎಂದು ಸಾರಿದ ಸಂತ ಸೇವಾಲಾಲರು ಸಮಾಜಕ್ಕೆ ಬೆಳಕು ನೀಡಿದವರು ಎಂದು ಶಾಸಕ ಶ್ರೀನಿವಾಸ ಮಾನೆ ಹೇಳಿದರು. ತಾಲೂಕು ಆಡಳಿತ ಸೌಧದಲ್ಲಿ ತಾಲೂಕಾಡಳಿತ ಹಾಗೂ ಬಂಜಾರ ಸಮಾಜದ ಆಶ್ರಯದಲ್ಲಿ ಹಮ್ಮಿಕೊಂಡಿದ್ದ ಸಂತ ಸೇವಾಲಾಲ್ ಜಯಂತಿ ಕಾರ್ಯಕ್ರಮದಲ್ಲಿ ಪಾಲ್ಗೊಂಡು ಮಾತನಾಡಿದರು. ಸಮಾಜದ ಅಭಿವೃದ್ಧಿಗೆ ಎಲ್ಲರೂ ಕೈಜೋಡಿಸಬೇಕು. ತಹಸೀಲ್ದಾರ್, ತಾಪಂ ಇಒ, ಪುರಸಭೆ ಅಧ್ಯಕ್ಷರು, ಸಮಾಜದ ಮುಖಂಡರು ಹಾಗೂ ಗಣ್ಯರು ಉಪಸ್ಥಿತರಿದ್ದರು.
ಕರ್ತವ್ಯಲೋಪ ಎಸಗಿದ ಅಧಿಕಾರಿಗಳ ವಿರುದ್ಧ ಕ್ರಮ: ಜಿಲ್ಲಾಧಿಕಾರಿ
ಹಾವೇರಿ: ಹಾನಗಲ್ಲ ತಾಲೂಕಿನಲ್ಲಿ ಅಕ್ರಮ ಮದ್ಯ ಮಾರಾಟ ನಿಯಂತ್ರಣದಲ್ಲಿ ವಿಫಲರಾಗಿರುವ ಅಧಿಕಾರಿಗಳ ವಿರುದ್ಧ ಕ್ರಮ ಕೈಗೊಳ್ಳಲಾಗುವುದು ಎಂದು ಜಿಲ್ಲಾಧಿಕಾರಿ ಡಾ.ವಿಜಯಮಹಾಂತೇಶ ದಾನಮ್ಮನವರ ಹೇಳಿದರು. ಅಕ್ರಮ ಮದ್ಯ ಮಾರಾಟ ತಡೆಗಟ್ಟುವಂತೆ ಆಗ್ರಹಿಸಿ ಗ್ರಾಮಸ್ಥರು ನಡೆಸಿದ ಪ್ರತಿಭಟನಾ ಸ್ಥಳಕ್ಕೆ ಭೇಟಿ ನೀಡಿ ಮನವಿ ಸ್ವೀಕರಿಸಿ ಮಾತನಾಡಿದರು. ಗ್ರಾಮೀಣ ಪ್ರದೇಶದಲ್ಲಿ ಅಕ್ರಮ ಮದ್ಯ ಮಾರಾಟದಿಂದ ಕುಟುಂಬಗಳು ಬೀದಿಗೆ ಬರುತ್ತಿವೆ. ಈ ಕುರಿತು ಅಬಕಾರಿ ಇಲಾಖೆ ಹಾಗೂ ಪೊಲೀಸ್ ಇಲಾಖೆ ಕಟ್ಟುನಿಟ್ಟಿನ ಕ್ರಮ ಕೈಗೊಳ್ಳಬೇಕು. ಅಕ್ರಮ ಮದ್ಯ ಮಾರಾಟಗಾರರ ವಿರುದ್ಧ ಪ್ರಕರಣ ದಾಖಲಿಸಬೇಕು ಎಂದು ಸೂಚಿಸಿದರು. ಸ್ವಚ್ಛ ಹಾಗೂ ಜಿಲ್ಲಾ ಪಂಚಾಯಿತಿ ಅಧಿಕಾರಿಗಳು ಉಪಸ್ಥಿತರಿದ್ದರು.
